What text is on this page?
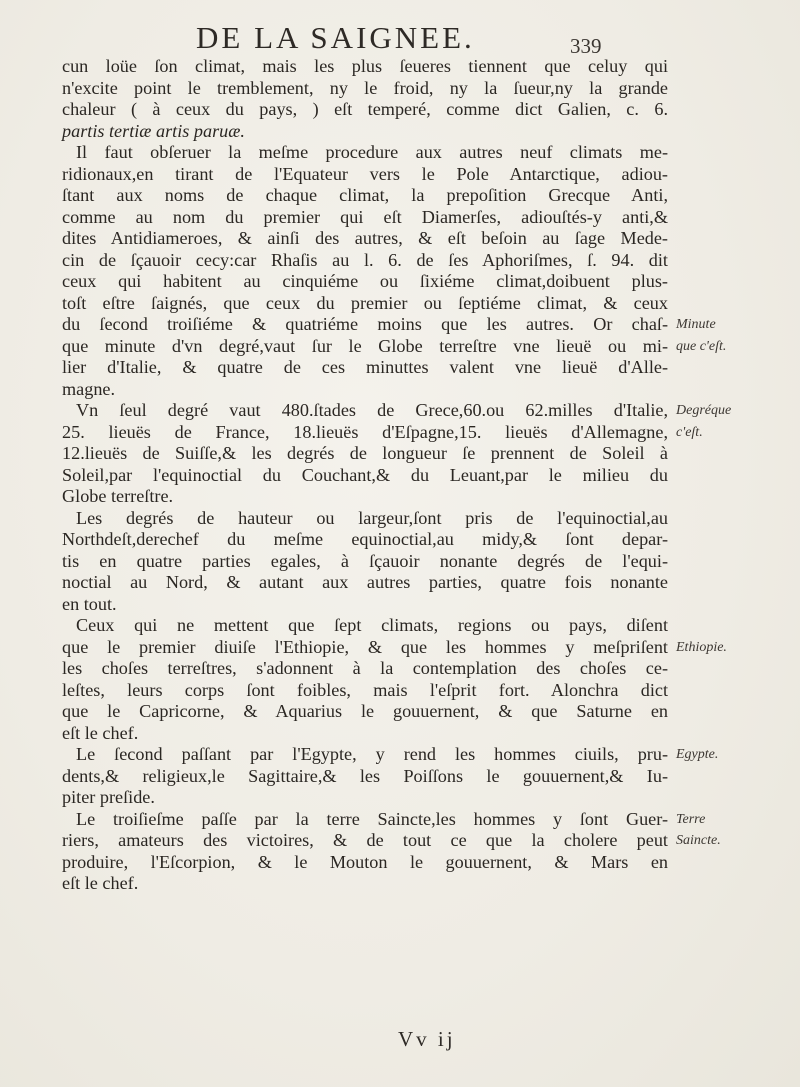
DE LA SAIGNEE.	339
cun loüe ſon climat, mais les plus ſeueres tiennent que celuy qui
n'excite point le tremblement, ny le froid, ny la ſueur,ny la grande
chaleur ( à ceux du pays, ) eſt temperé, comme dict Galien, c. 6.
partis tertiæ artis paruæ.
Il faut obſeruer la meſme procedure aux autres neuf climats me-
ridionaux,en tirant de l'Equateur vers le Pole Antarctique, adiou-
ſtant aux noms de chaque climat, la prepoſition Grecque Anti,
comme au nom du premier qui eſt Diamerſes, adiouſtés-y anti,&
dites Antidiameroes, & ainſi des autres, & eſt beſoin au ſage Mede-
cin de ſçauoir cecy:car Rhaſis au l. 6. de ſes Aphoriſmes, ſ. 94. dit
ceux qui habitent au cinquiéme ou ſixiéme climat,doibuent plus-
toſt eſtre ſaignés, que ceux du premier ou ſeptiéme climat, & ceux
du ſecond troiſiéme & quatriéme moins que les autres. Or chaſ-
que minute d'vn degré,vaut ſur le Globe terreſtre vne lieuë ou mi-
lier d'Italie, & quatre de ces minuttes valent vne lieuë d'Alle-
magne.
Vn ſeul degré vaut 480.ſtades de Grece,60.ou 62.milles d'Italie,
25. lieuës de France, 18.lieuës d'Eſpagne,15. lieuës d'Allemagne,
12.lieuës de Suiſſe,& les degrés de longueur ſe prennent de Soleil à
Soleil,par l'equinoctial du Couchant,& du Leuant,par le milieu du
Globe terreſtre.
Les degrés de hauteur ou largeur,ſont pris de l'equinoctial,au
Northdeſt,derechef du meſme equinoctial,au midy,& ſont depar-
tis en quatre parties egales, à ſçauoir nonante degrés de l'equi-
noctial au Nord, & autant aux autres parties, quatre fois nonante
en tout.
Ceux qui ne mettent que ſept climats, regions ou pays, diſent
que le premier diuiſe l'Ethiopie, & que les hommes y meſpriſent
les choſes terreſtres, s'adonnent à la contemplation des choſes ce-
leſtes, leurs corps ſont foibles, mais l'eſprit fort. Alonchra dict
que le Capricorne, & Aquarius le gouuernent, & que Saturne en
eſt le chef.
Le ſecond paſſant par l'Egypte, y rend les hommes ciuils, pru-
dents,& religieux,le Sagittaire,& les Poiſſons le gouuernent,& Iu-
piter preſide.
Le troiſieſme paſſe par la terre Saincte,les hommes y ſont Guer-
riers, amateurs des victoires, & de tout ce que la cholere peut
produire, l'Eſcorpion, & le Mouton le gouuernent, & Mars en
eſt le chef.
Minute
que c'eſt.
Degréque
c'eſt.
Ethiopie.
Egypte.
Terre
Saincte.
Vv ij
